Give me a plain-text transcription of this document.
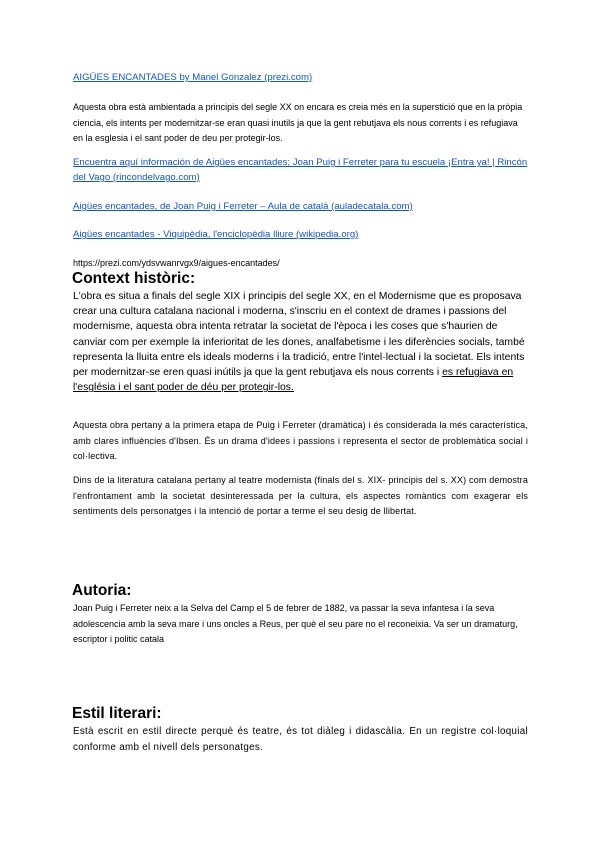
AIGÜES ENCANTADES by Manel Gonzalez (prezi.com)
Aquesta obra està ambientada a principis del segle XX on encara es creia més en la superstició que en la pròpia ciencia, els intents per modernitzar-se eran quasi inutils ja que la gent rebutjava els nous corrents i es refugiava en la esglesia i el sant poder de deu per protegir-los.
Encuentra aquí información de Aigües encantades; Joan Puig i Ferreter para tu escuela ¡Entra ya! | Rincón del Vago (rincondelvago.com)
Aigües encantades, de Joan Puig i Ferreter – Aula de català (auladecatala.com)
Aigües encantades - Viquipèdia, l'enciclopèdia lliure (wikipedia.org)
https://prezi.com/ydsvwanrvgx9/aigues-encantades/
Context històric:
L'obra es situa a finals del segle XIX i principis del segle XX, en el Modernisme que es proposava crear una cultura catalana nacional i moderna, s'inscriu en el context de drames i passions del modernisme, aquesta obra intenta retratar la societat de l'època i les coses que s'haurien de canviar com per exemple la inferioritat de les dones, analfabetisme i les diferències socials, també representa la lluita entre els ideals moderns i la tradició, entre l'intel·lectual i la societat. Els intents per modernitzar-se eren quasi inútils ja que la gent rebutjava els nous corrents i es refugiava en l'església i el sant poder de déu per protegir-los.
Aquesta obra pertany a la primera etapa de Puig i Ferreter (dramàtica) i és considerada la més característica, amb clares influències d'Ibsen. És un drama d'idees i passions i representa el sector de problemàtica social i col·lectiva.
Dins de la literatura catalana pertany al teatre modernista (finals del s. XIX- principis del s. XX) com demostra l'enfrontament amb la societat desinteressada per la cultura, els aspectes romàntics com exagerar els sentiments dels personatges i la intenció de portar a terme el seu desig de llibertat.
Autoria:
Joan Puig i Ferreter neix a la Selva del Camp el 5 de febrer de 1882, va passar la seva infantesa i la seva adolescencia amb la seva mare i uns oncles a Reus, per què el seu pare no el reconeixia. Va ser un dramaturg, escriptor i politic catala
Estil literari:
Està escrit en estil directe perquè és teatre, és tot diàleg i didascàlia. En un registre col·loquial conforme amb el nivell dels personatges.
